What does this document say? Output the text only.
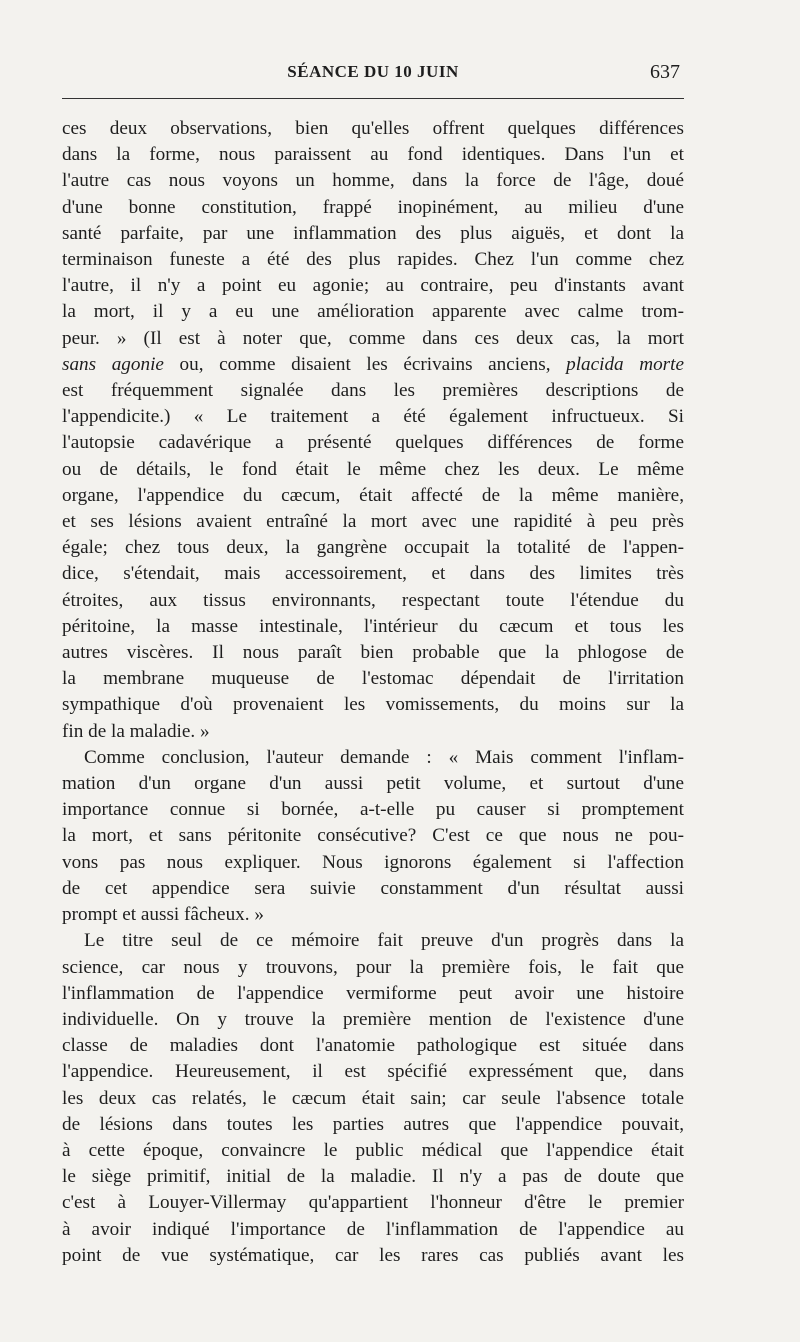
SÉANCE DU 10 JUIN	637
ces deux observations, bien qu'elles offrent quelques différences
dans la forme, nous paraissent au fond identiques. Dans l'un et
l'autre cas nous voyons un homme, dans la force de l'âge, doué
d'une bonne constitution, frappé inopinément, au milieu d'une
santé parfaite, par une inflammation des plus aiguës, et dont la
terminaison funeste a été des plus rapides. Chez l'un comme chez
l'autre, il n'y a point eu agonie; au contraire, peu d'instants avant
la mort, il y a eu une amélioration apparente avec calme trom-
peur. » (Il est à noter que, comme dans ces deux cas, la mort
sans agonie ou, comme disaient les écrivains anciens, placida morte
est fréquemment signalée dans les premières descriptions de
l'appendicite.) « Le traitement a été également infructueux. Si
l'autopsie cadavérique a présenté quelques différences de forme
ou de détails, le fond était le même chez les deux. Le même
organe, l'appendice du cæcum, était affecté de la même manière,
et ses lésions avaient entraîné la mort avec une rapidité à peu près
égale; chez tous deux, la gangrène occupait la totalité de l'appen-
dice, s'étendait, mais accessoirement, et dans des limites très
étroites, aux tissus environnants, respectant toute l'étendue du
péritoine, la masse intestinale, l'intérieur du cæcum et tous les
autres viscères. Il nous paraît bien probable que la phlogose de
la membrane muqueuse de l'estomac dépendait de l'irritation
sympathique d'où provenaient les vomissements, du moins sur la
fin de la maladie. »
Comme conclusion, l'auteur demande : « Mais comment l'inflam-
mation d'un organe d'un aussi petit volume, et surtout d'une
importance connue si bornée, a-t-elle pu causer si promptement
la mort, et sans péritonite consécutive? C'est ce que nous ne pou-
vons pas nous expliquer. Nous ignorons également si l'affection
de cet appendice sera suivie constamment d'un résultat aussi
prompt et aussi fâcheux. »
Le titre seul de ce mémoire fait preuve d'un progrès dans la
science, car nous y trouvons, pour la première fois, le fait que
l'inflammation de l'appendice vermiforme peut avoir une histoire
individuelle. On y trouve la première mention de l'existence d'une
classe de maladies dont l'anatomie pathologique est située dans
l'appendice. Heureusement, il est spécifié expressément que, dans
les deux cas relatés, le cæcum était sain; car seule l'absence totale
de lésions dans toutes les parties autres que l'appendice pouvait,
à cette époque, convaincre le public médical que l'appendice était
le siège primitif, initial de la maladie. Il n'y a pas de doute que
c'est à Louyer-Villermay qu'appartient l'honneur d'être le premier
à avoir indiqué l'importance de l'inflammation de l'appendice au
point de vue systématique, car les rares cas publiés avant les
